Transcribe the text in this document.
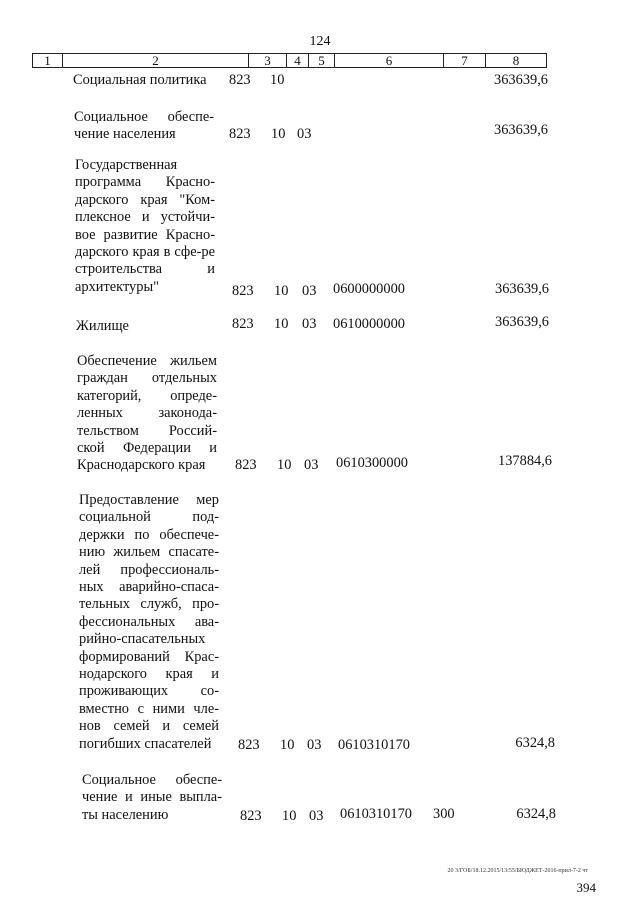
124
1	2	3	4	5	6	7	8
Социальная политика	823 10	363639,6
Социальное обеспе-чение населения	823 10 03	363639,6
Государственная программа Красно-дарского края "Ком-плексное и устойчи-вое развитие Красно-дарского края в сфе-ре строительства и архитектуры"	823 10 03 0600000000	363639,6
Жилище	823 10 03 0610000000	363639,6
Обеспечение жильем граждан отдельных категорий, опреде-ленных законода-тельством Россий-ской Федерации и Краснодарского края	823 10 03 0610300000	137884,6
Предоставление мер социальной под-держки по обеспече-нию жильем спасате-лей профессиональ-ных аварийно-спаса-тельных служб, про-фессиональных ава-рийно-спасательных формирований Крас-нодарского края и проживающих со-вместно с ними чле-нов семей и семей погибших спасателей	823 10 03 0610310170	6324,8
Социальное обеспе-чение и иные выпла-ты населению	823 10 03 0610310170 300	6324,8
20 3/ГОБ/18.12.2015/13:55/БЮДЖЕТ-2016-прил-7-2 чт
394
